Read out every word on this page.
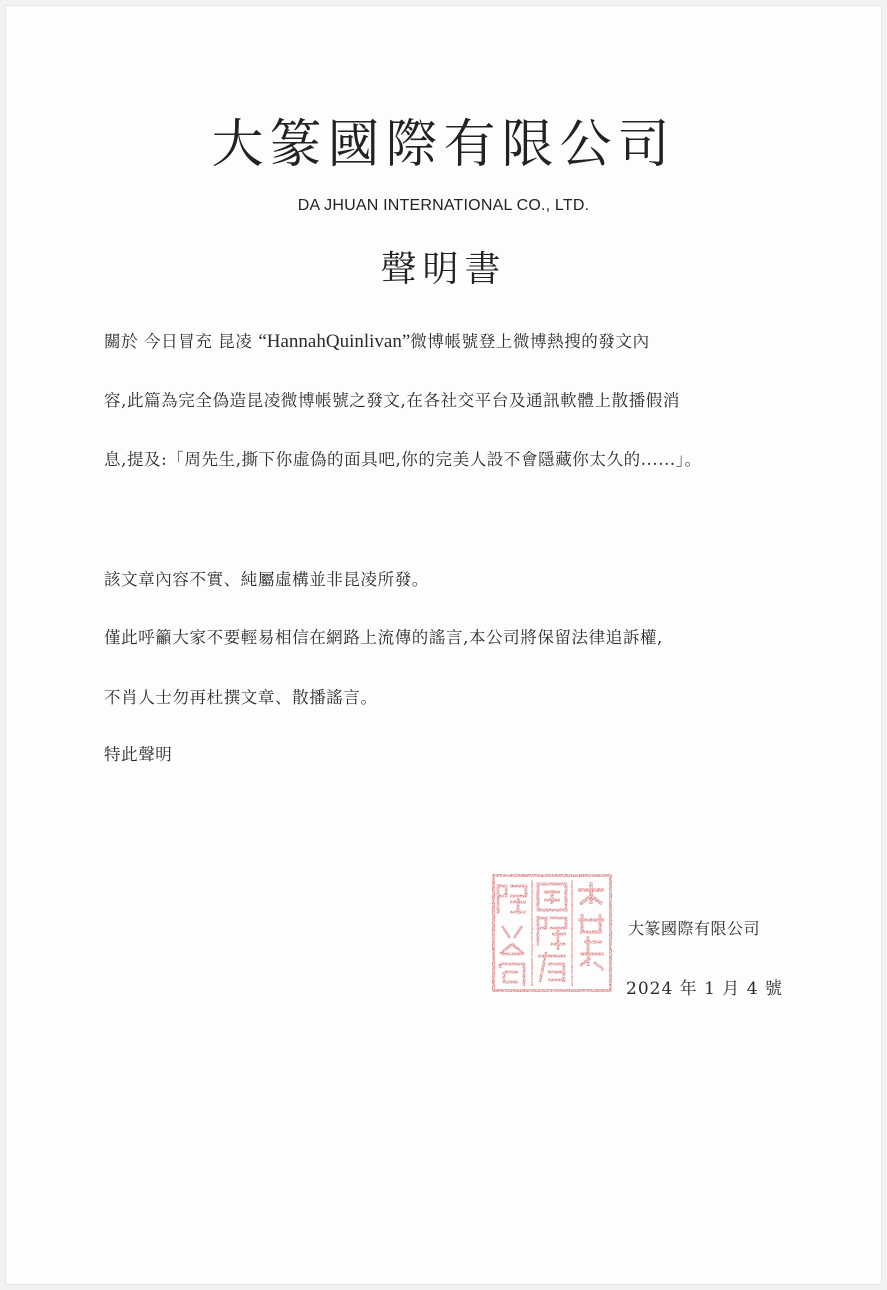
大篆國際有限公司
DA JHUAN INTERNATIONAL CO., LTD.
聲明書
關於 今日冒充 昆凌 “HannahQuinlivan”微博帳號登上微博熱搜的發文內
容,此篇為完全偽造昆凌微博帳號之發文,在各社交平台及通訊軟體上散播假消
息,提及:「周先生,撕下你虛偽的面具吧,你的完美人設不會隱藏你太久的......」。
該文章內容不實、純屬虛構並非昆凌所發。
僅此呼籲大家不要輕易相信在網路上流傳的謠言,本公司將保留法律追訴權,
不肖人士勿再杜撰文章、散播謠言。
特此聲明
大篆國際有限公司
2024 年 1 月 4 號
